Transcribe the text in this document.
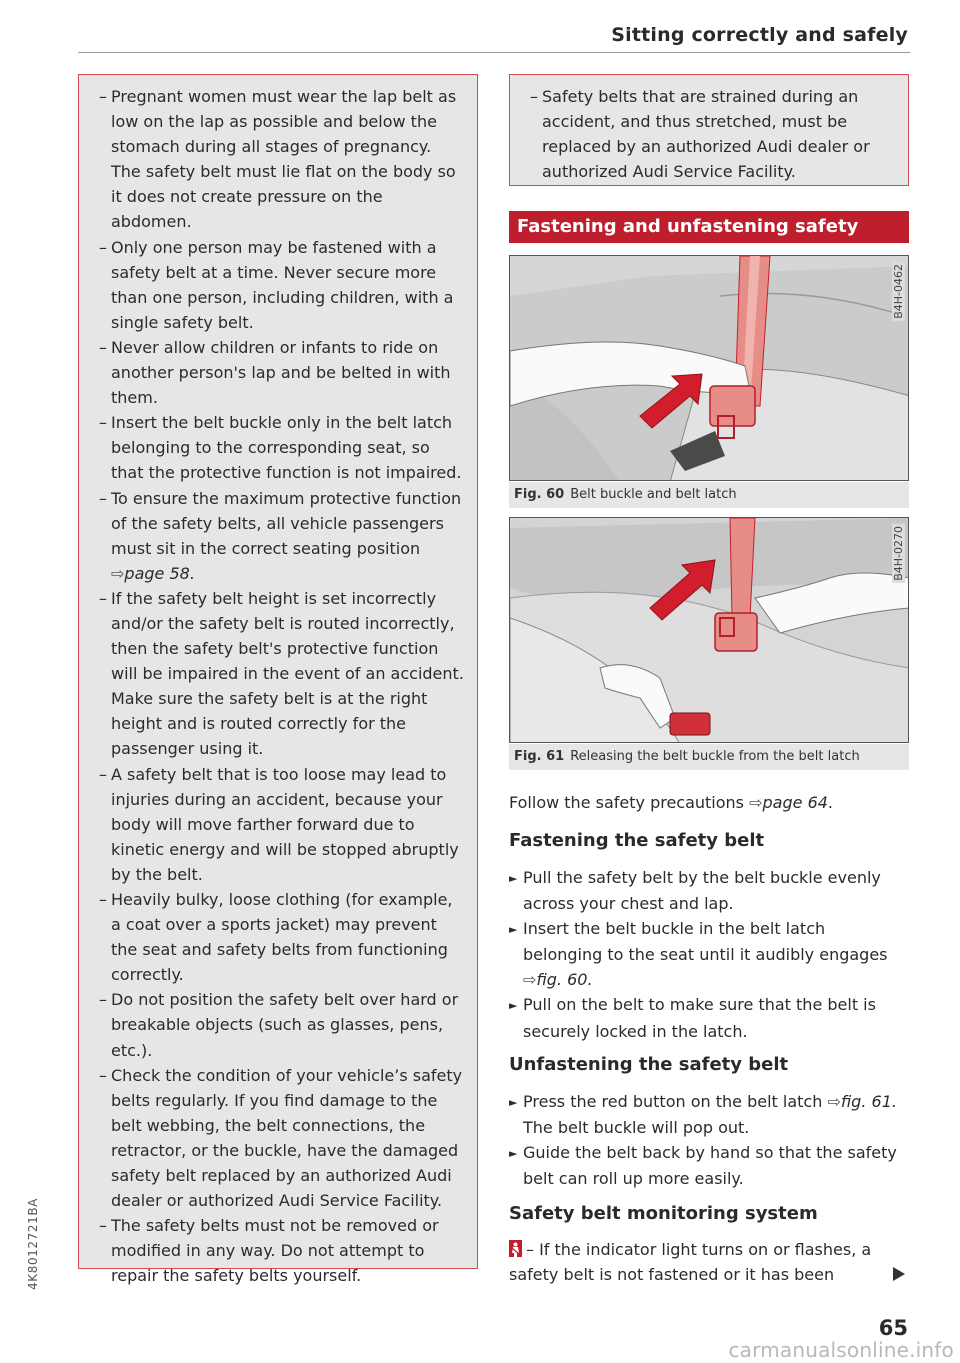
Sitting correctly and safely
4K8012721BA
– Pregnant women must wear the lap belt as low on the lap as possible and below the stomach during all stages of pregnancy. The safety belt must lie flat on the body so it does not create pressure on the abdomen.
– Only one person may be fastened with a safety belt at a time. Never secure more than one person, including children, with a single safety belt.
– Never allow children or infants to ride on another person's lap and be belted in with them.
– Insert the belt buckle only in the belt latch belonging to the corresponding seat, so that the protective function is not impaired.
– To ensure the maximum protective function of the safety belts, all vehicle passengers must sit in the correct seating position
⇨page 58.
– If the safety belt height is set incorrectly and/or the safety belt is routed incorrectly, then the safety belt's protective function will be impaired in the event of an accident. Make sure the safety belt is at the right height and is routed correctly for the passenger using it.
– A safety belt that is too loose may lead to injuries during an accident, because your body will move farther forward due to kinetic energy and will be stopped abruptly by the belt.
– Heavily bulky, loose clothing (for example, a coat over a sports jacket) may prevent the seat and safety belts from functioning correctly.
– Do not position the safety belt over hard or breakable objects (such as glasses, pens, etc.).
– Check the condition of your vehicle’s safety belts regularly. If you find damage to the belt webbing, the belt connections, the retractor, or the buckle, have the damaged safety belt replaced by an authorized Audi dealer or authorized Audi Service Facility.
– The safety belts must not be removed or modified in any way. Do not attempt to repair the safety belts yourself.
– Safety belts that are strained during an accident, and thus stretched, must be replaced by an authorized Audi dealer or authorized Audi Service Facility.
Fastening and unfastening safety
B4H-0462
Fig. 60 Belt buckle and belt latch
B4H-0270
Fig. 61 Releasing the belt buckle from the belt latch
Follow the safety precautions ⇨page 64.
Fastening the safety belt
► Pull the safety belt by the belt buckle evenly across your chest and lap.
► Insert the belt buckle in the belt latch belonging to the seat until it audibly engages
⇨fig. 60.
► Pull on the belt to make sure that the belt is securely locked in the latch.
Unfastening the safety belt
► Press the red button on the belt latch ⇨fig. 61. The belt buckle will pop out.
► Guide the belt back by hand so that the safety belt can roll up more easily.
Safety belt monitoring system
– If the indicator light turns on or flashes, a safety belt is not fastened or it has been
65
carmanualsonline.info
